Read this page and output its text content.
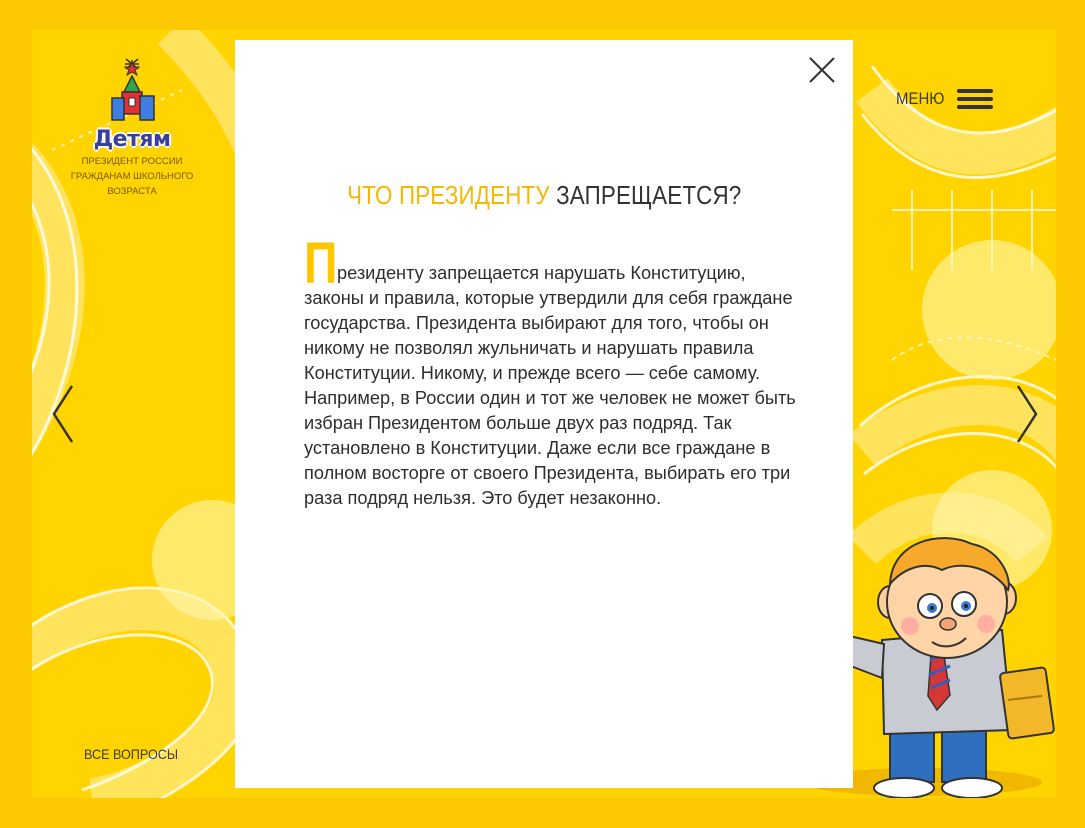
Детям
ПРЕЗИДЕНТ РОССИИ
ГРАЖДАНАМ ШКОЛЬНОГО
ВОЗРАСТА
МЕНЮ
ВСЕ ВОПРОСЫ
ЧТО ПРЕЗИДЕНТУ ЗАПРЕЩАЕТСЯ?
П резиденту запрещается нарушать Конституцию, законы и правила, которые утвердили для себя граждане государства. Президента выбирают для того, чтобы он никому не позволял жульничать и нарушать правила Конституции. Никому, и прежде всего — себе самому.

Например, в России один и тот же человек не может быть избран Президентом больше двух раз подряд. Так установлено в Конституции. Даже если все граждане в полном восторге от своего Президента, выбирать его три раза подряд нельзя. Это будет незаконно.
